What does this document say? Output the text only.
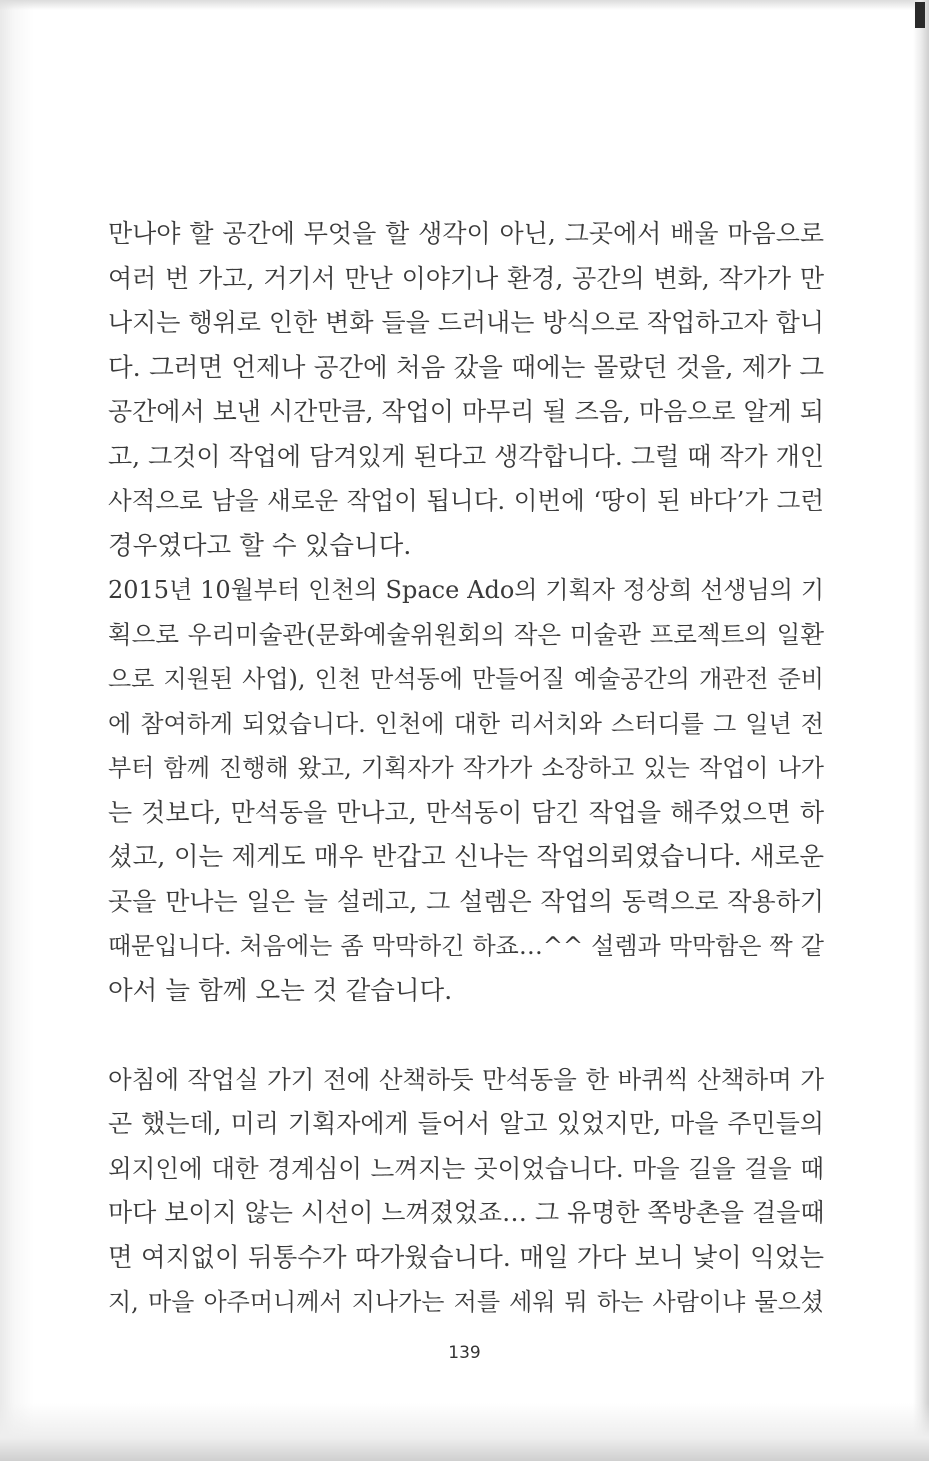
만나야 할 공간에 무엇을 할 생각이 아닌, 그곳에서 배울 마음으로
여러 번 가고, 거기서 만난 이야기나 환경, 공간의 변화, 작가가 만
나지는 행위로 인한 변화 들을 드러내는 방식으로 작업하고자 합니
다. 그러면 언제나 공간에 처음 갔을 때에는 몰랐던 것을, 제가 그
공간에서 보낸 시간만큼, 작업이 마무리 될 즈음, 마음으로 알게 되
고, 그것이 작업에 담겨있게 된다고 생각합니다. 그럴 때 작가 개인
사적으로 남을 새로운 작업이 됩니다. 이번에 ‘땅이 된 바다’가 그런
경우였다고 할 수 있습니다.
2015년 10월부터 인천의 Space Ado의 기획자 정상희 선생님의 기
획으로 우리미술관(문화예술위원회의 작은 미술관 프로젝트의 일환
으로 지원된 사업), 인천 만석동에 만들어질 예술공간의 개관전 준비
에 참여하게 되었습니다. 인천에 대한 리서치와 스터디를 그 일년 전
부터 함께 진행해 왔고, 기획자가 작가가 소장하고 있는 작업이 나가
는 것보다, 만석동을 만나고, 만석동이 담긴 작업을 해주었으면 하
셨고, 이는 제게도 매우 반갑고 신나는 작업의뢰였습니다. 새로운
곳을 만나는 일은 늘 설레고, 그 설렘은 작업의 동력으로 작용하기
때문입니다. 처음에는 좀 막막하긴 하죠…^^ 설렘과 막막함은 짝 같
아서 늘 함께 오는 것 같습니다.
아침에 작업실 가기 전에 산책하듯 만석동을 한 바퀴씩 산책하며 가
곤 했는데, 미리 기획자에게 들어서 알고 있었지만, 마을 주민들의
외지인에 대한 경계심이 느껴지는 곳이었습니다. 마을 길을 걸을 때
마다 보이지 않는 시선이 느껴졌었죠… 그 유명한 쪽방촌을 걸을때
면 여지없이 뒤통수가 따가웠습니다. 매일 가다 보니 낯이 익었는
지, 마을 아주머니께서 지나가는 저를 세워 뭐 하는 사람이냐 물으셨
139
